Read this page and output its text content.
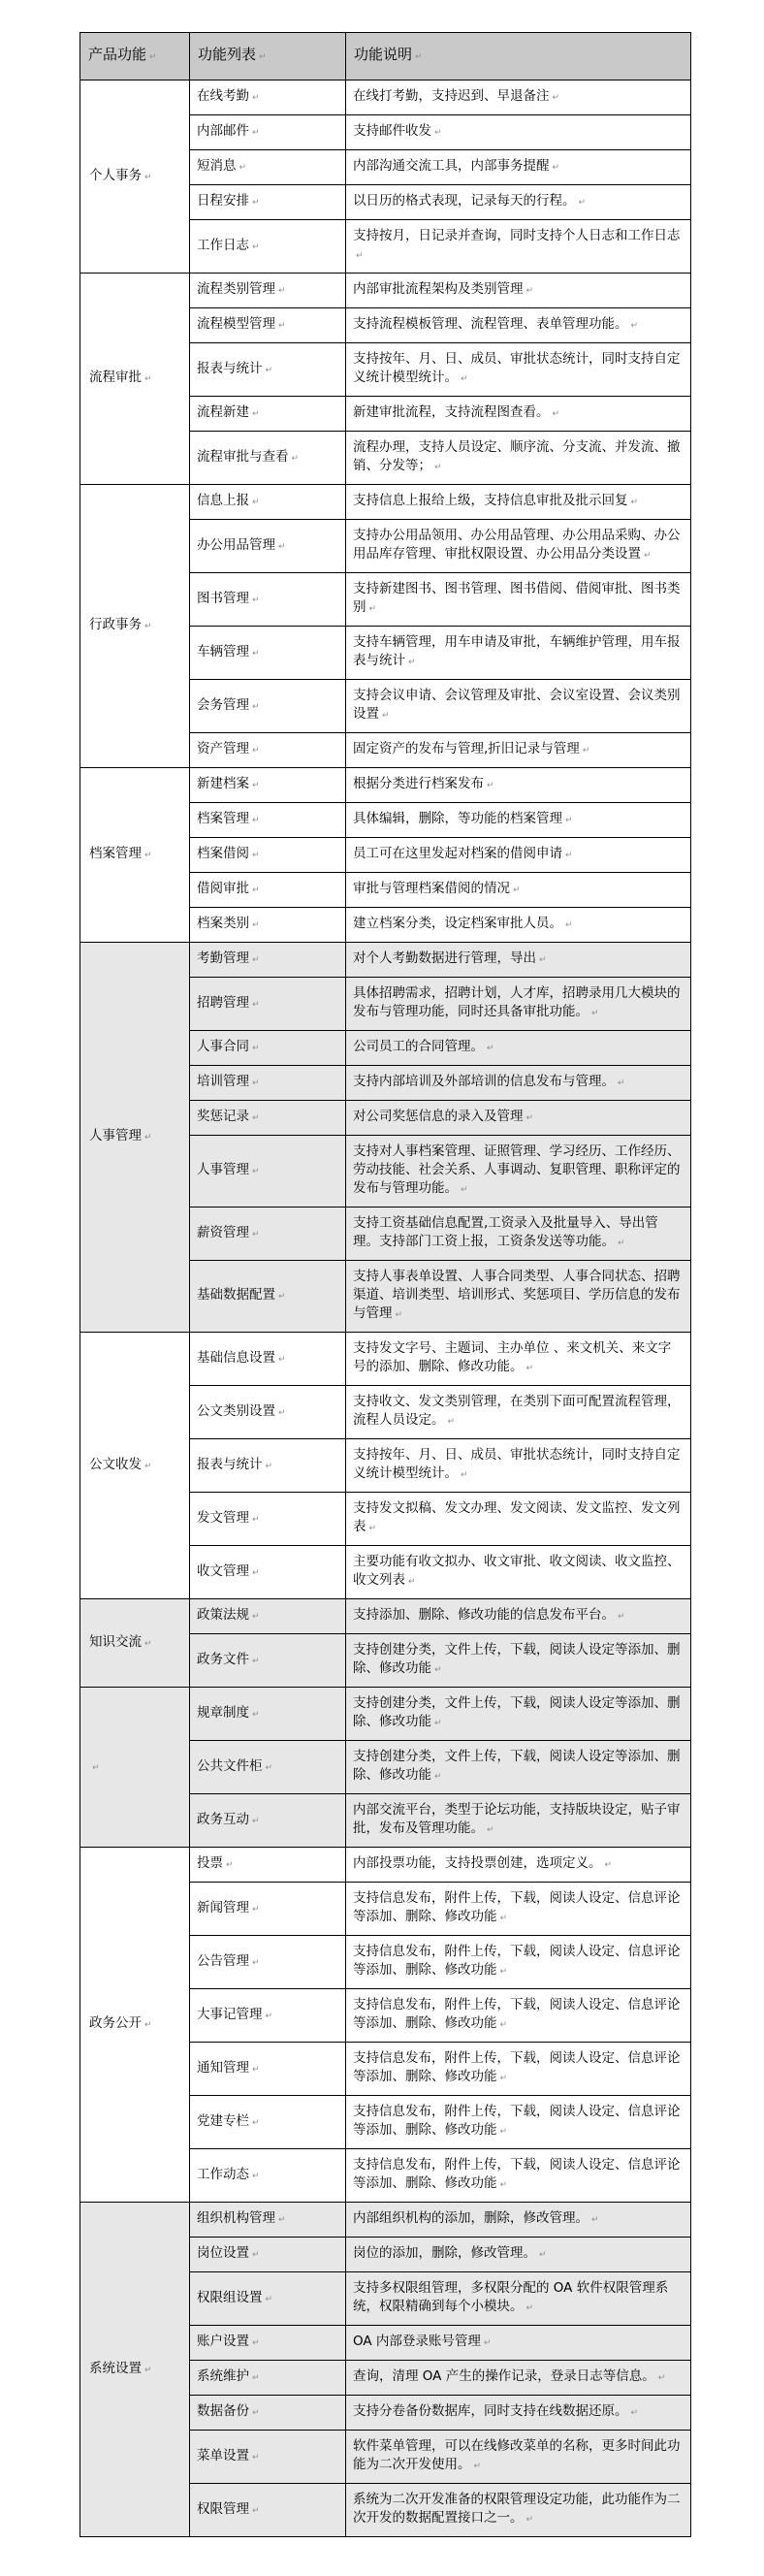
产品功能 ↵	功能列表 ↵	功能说明 ↵
个人事务 ↵	在线考勤 ↵	在线打考勤，支持迟到、早退备注 ↵
	内部邮件 ↵	支持邮件收发 ↵
	短消息 ↵	内部沟通交流工具，内部事务提醒 ↵
	日程安排 ↵	以日历的格式表现，记录每天的行程。 ↵
	工作日志 ↵	支持按月，日记录并查询，同时支持个人日志和工作日志 ↵
流程审批 ↵	流程类别管理 ↵	内部审批流程架构及类别管理 ↵
	流程模型管理 ↵	支持流程模板管理、流程管理、表单管理功能。 ↵
	报表与统计 ↵	支持按年、月、日、成员、审批状态统计，同时支持自定义统计模型统计。 ↵
	流程新建 ↵	新建审批流程，支持流程图查看。 ↵
	流程审批与查看 ↵	流程办理，支持人员设定、顺序流、分支流、并发流、撤销、分发等； ↵
行政事务 ↵	信息上报 ↵	支持信息上报给上级，支持信息审批及批示回复 ↵
	办公用品管理 ↵	支持办公用品领用、办公用品管理、办公用品采购、办公用品库存管理、审批权限设置、办公用品分类设置 ↵
	图书管理 ↵	支持新建图书、图书管理、图书借阅、借阅审批、图书类别 ↵
	车辆管理 ↵	支持车辆管理，用车申请及审批，车辆维护管理，用车报表与统计 ↵
	会务管理 ↵	支持会议申请、会议管理及审批、会议室设置、会议类别设置 ↵
	资产管理 ↵	固定资产的发布与管理,折旧记录与管理 ↵
档案管理 ↵	新建档案 ↵	根据分类进行档案发布 ↵
	档案管理 ↵	具体编辑，删除，等功能的档案管理 ↵
	档案借阅 ↵	员工可在这里发起对档案的借阅申请 ↵
	借阅审批 ↵	审批与管理档案借阅的情况 ↵
	档案类别 ↵	建立档案分类，设定档案审批人员。 ↵
人事管理 ↵	考勤管理 ↵	对个人考勤数据进行管理，导出 ↵
	招聘管理 ↵	具体招聘需求，招聘计划，人才库，招聘录用几大模块的发布与管理功能，同时还具备审批功能。 ↵
	人事合同 ↵	公司员工的合同管理。 ↵
	培训管理 ↵	支持内部培训及外部培训的信息发布与管理。 ↵
	奖惩记录 ↵	对公司奖惩信息的录入及管理 ↵
	人事管理 ↵	支持对人事档案管理、证照管理、学习经历、工作经历、劳动技能、社会关系、人事调动、复职管理、职称评定的发布与管理功能。 ↵
	薪资管理 ↵	支持工资基础信息配置,工资录入及批量导入、导出管理。支持部门工资上报，工资条发送等功能。 ↵
	基础数据配置 ↵	支持人事表单设置、人事合同类型、人事合同状态、招聘渠道、培训类型、培训形式、奖惩项目、学历信息的发布与管理 ↵
公文收发 ↵	基础信息设置 ↵	支持发文字号、主题词、主办单位 、来文机关、来文字号的添加、删除、修改功能。 ↵
	公文类别设置 ↵	支持收文、发文类别管理，在类别下面可配置流程管理，流程人员设定。 ↵
	报表与统计 ↵	支持按年、月、日、成员、审批状态统计，同时支持自定义统计模型统计。 ↵
	发文管理 ↵	支持发文拟稿、发文办理、发文阅读、发文监控、发文列表 ↵
	收文管理 ↵	主要功能有收文拟办、收文审批、收文阅读、收文监控、收文列表 ↵
知识交流 ↵	政策法规 ↵	支持添加、删除、修改功能的信息发布平台。 ↵
	政务文件 ↵	支持创建分类，文件上传，下载，阅读人设定等添加、删除、修改功能 ↵
↵	规章制度 ↵	支持创建分类，文件上传，下载，阅读人设定等添加、删除、修改功能 ↵
	公共文件柜 ↵	支持创建分类，文件上传，下载，阅读人设定等添加、删除、修改功能 ↵
	政务互动 ↵	内部交流平台，类型于论坛功能，支持版块设定，贴子审批，发布及管理功能。 ↵
政务公开 ↵	投票 ↵	内部投票功能，支持投票创建，选项定义。 ↵
	新闻管理 ↵	支持信息发布，附件上传，下载，阅读人设定、信息评论等添加、删除、修改功能 ↵
	公告管理 ↵	支持信息发布，附件上传，下载，阅读人设定、信息评论等添加、删除、修改功能 ↵
	大事记管理 ↵	支持信息发布，附件上传，下载，阅读人设定、信息评论等添加、删除、修改功能 ↵
	通知管理 ↵	支持信息发布，附件上传，下载，阅读人设定、信息评论等添加、删除、修改功能 ↵
	党建专栏 ↵	支持信息发布，附件上传，下载，阅读人设定、信息评论等添加、删除、修改功能 ↵
	工作动态 ↵	支持信息发布，附件上传，下载，阅读人设定、信息评论等添加、删除、修改功能 ↵
系统设置 ↵	组织机构管理 ↵	内部组织机构的添加，删除，修改管理。 ↵
	岗位设置 ↵	岗位的添加，删除，修改管理。 ↵
	权限组设置 ↵	支持多权限组管理，多权限分配的 OA 软件权限管理系统，权限精确到每个小模块。 ↵
	账户设置 ↵	OA 内部登录账号管理 ↵
	系统维护 ↵	查询，清理 OA 产生的操作记录，登录日志等信息。 ↵
	数据备份 ↵	支持分卷备份数据库，同时支持在线数据还原。 ↵
	菜单设置 ↵	软件菜单管理，可以在线修改菜单的名称，更多时间此功能为二次开发使用。 ↵
	权限管理 ↵	系统为二次开发准备的权限管理设定功能，此功能作为二次开发的数据配置接口之一。 ↵
